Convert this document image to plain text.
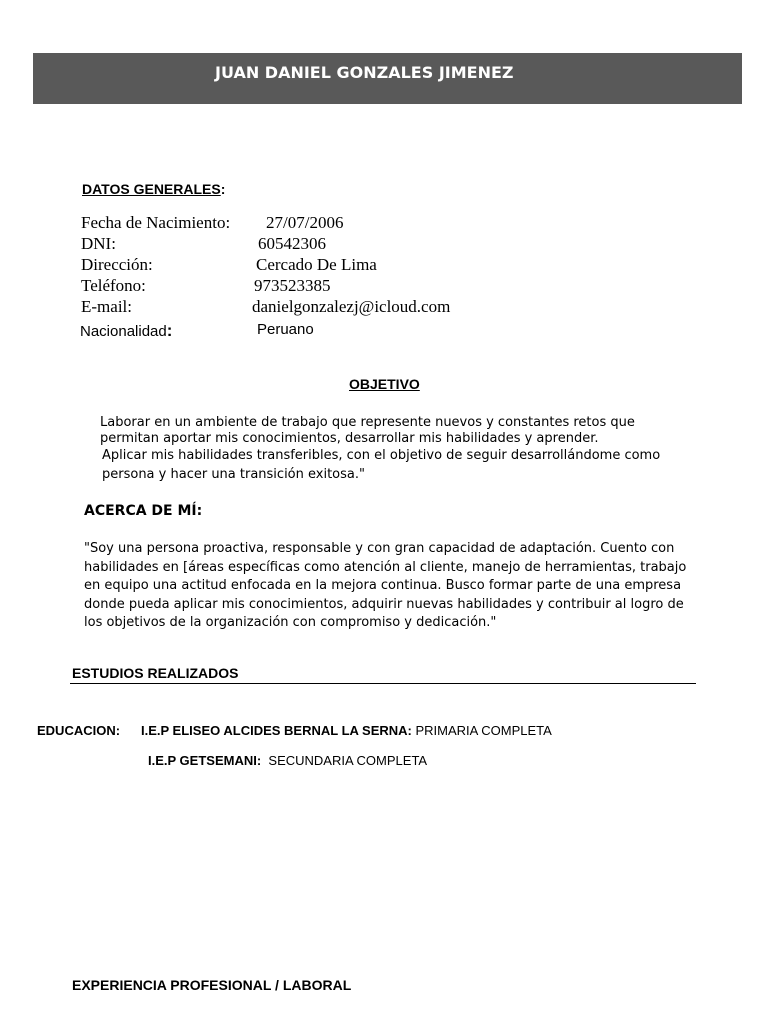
JUAN DANIEL GONZALES JIMENEZ
DATOS GENERALES:
Fecha de Nacimiento: 27/07/2006
DNI:	60542306
Dirección:	Cercado De Lima
Teléfono:	973523385
E-mail:	danielgonzalezj@icloud.com
Nacionalidad:	Peruano
OBJETIVO
Laborar en un ambiente de trabajo que represente nuevos y constantes retos que
permitan aportar mis conocimientos, desarrollar mis habilidades y aprender.
Aplicar mis habilidades transferibles, con el objetivo de seguir desarrollándome como
persona y hacer una transición exitosa."
ACERCA DE MÍ:
"Soy una persona proactiva, responsable y con gran capacidad de adaptación. Cuento con
habilidades en [áreas específicas como atención al cliente, manejo de herramientas, trabajo
en equipo una actitud enfocada en la mejora continua. Busco formar parte de una empresa
donde pueda aplicar mis conocimientos, adquirir nuevas habilidades y contribuir al logro de
los objetivos de la organización con compromiso y dedicación."
ESTUDIOS REALIZADOS
EDUCACION: I.E.P ELISEO ALCIDES BERNAL LA SERNA: PRIMARIA COMPLETA
I.E.P GETSEMANI: SECUNDARIA COMPLETA
EXPERIENCIA PROFESIONAL / LABORAL
